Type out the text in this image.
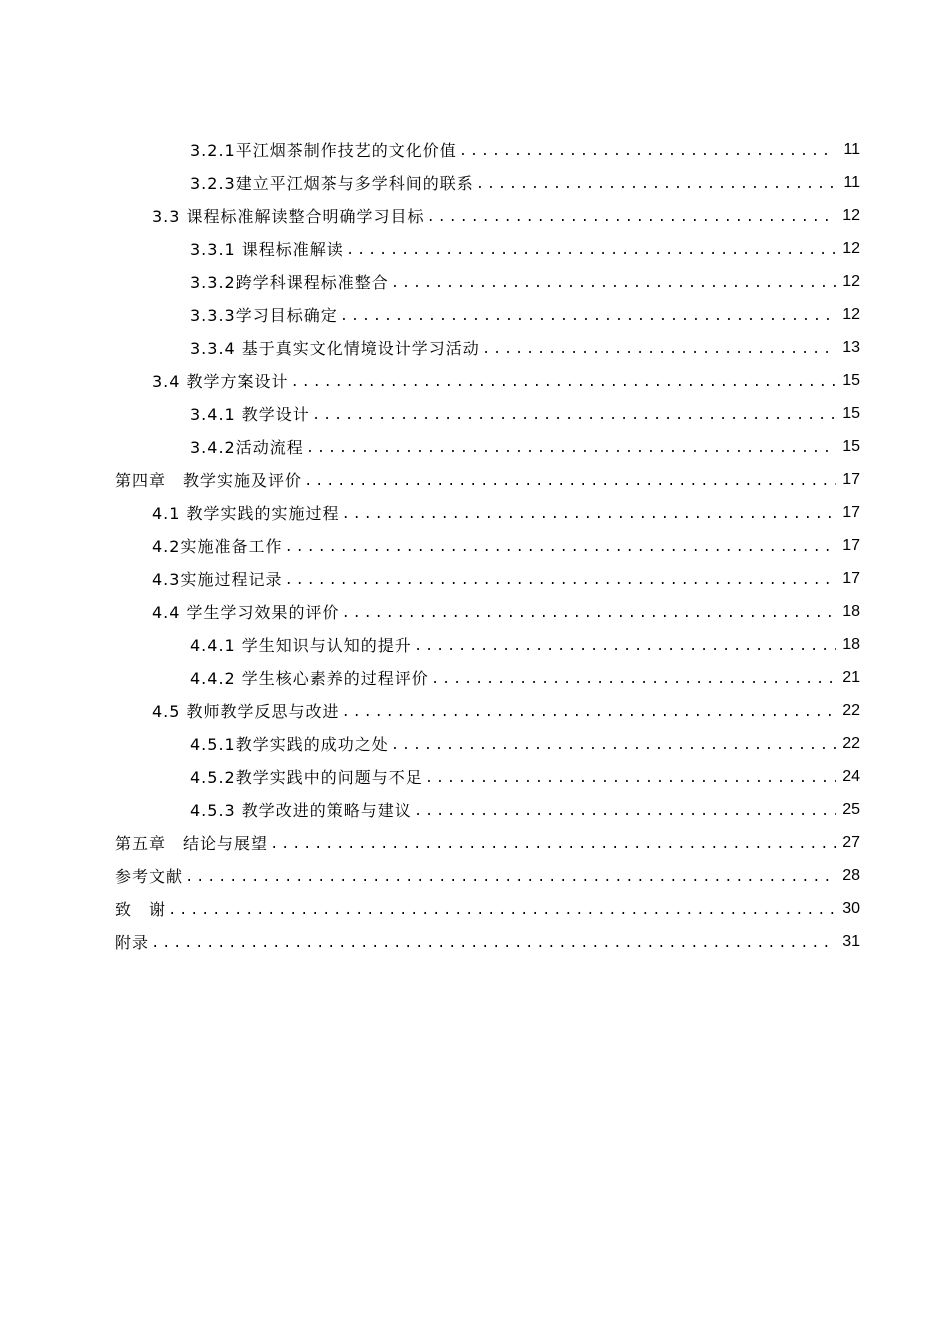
3.2.1平江烟茶制作技艺的文化价值 .....	11
3.2.3建立平江烟茶与多学科间的联系 .....	11
3.3 课程标准解读整合明确学习目标 .....	12
3.3.1 课程标准解读 .....	12
3.3.2跨学科课程标准整合 .....	12
3.3.3学习目标确定 .....	12
3.3.4 基于真实文化情境设计学习活动 .....	13
3.4 教学方案设计 .....	15
3.4.1 教学设计 .....	15
3.4.2活动流程 .....	15
第四章　教学实施及评价 .....	17
4.1 教学实践的实施过程 .....	17
4.2实施准备工作 .....	17
4.3实施过程记录 .....	17
4.4 学生学习效果的评价 .....	18
4.4.1 学生知识与认知的提升 .....	18
4.4.2 学生核心素养的过程评价 .....	21
4.5 教师教学反思与改进 .....	22
4.5.1教学实践的成功之处 .....	22
4.5.2教学实践中的问题与不足 .....	24
4.5.3 教学改进的策略与建议 .....	25
第五章　结论与展望 .....	27
参考文献 .....	28
致　谢 .....	30
附录 .....	31
